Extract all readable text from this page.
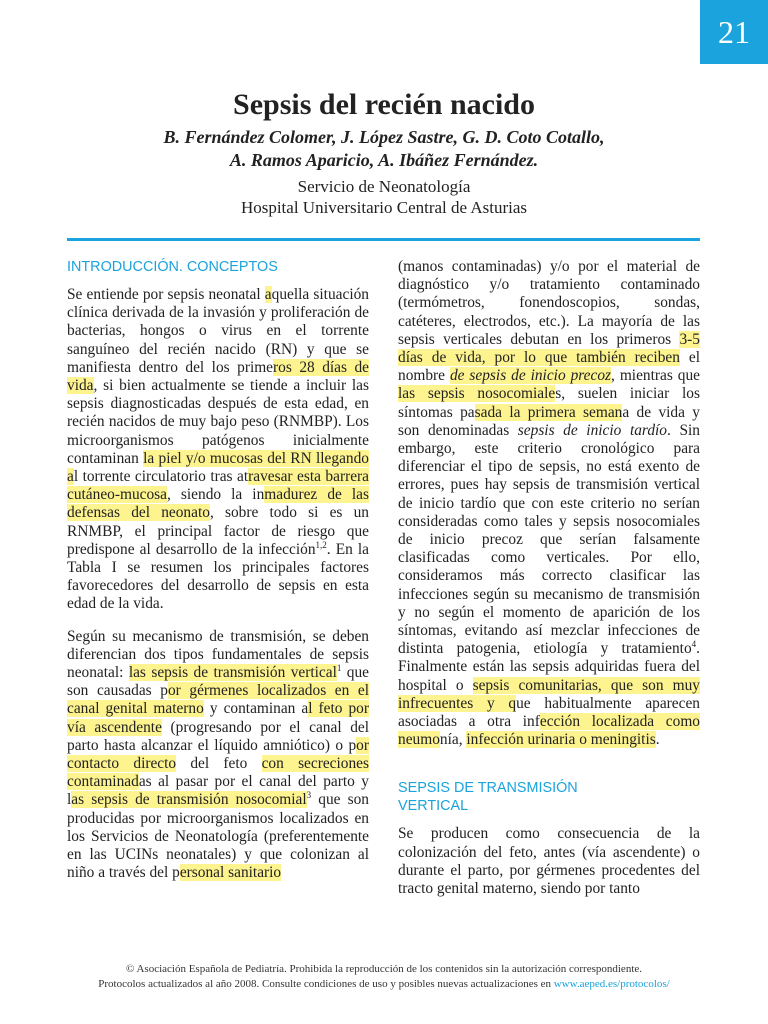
21
Sepsis del recién nacido
B. Fernández Colomer, J. López Sastre, G. D. Coto Cotallo,
A. Ramos Aparicio, A. Ibáñez Fernández.
Servicio de Neonatología
Hospital Universitario Central de Asturias
INTRODUCCIÓN. CONCEPTOS

Se entiende por sepsis neonatal aquella situación clínica derivada de la invasión y proliferación de bacterias, hongos o virus en el torrente sanguíneo del recién nacido (RN) y que se manifiesta dentro del los primeros 28 días de vida, si bien actualmente se tiende a incluir las sepsis diagnosticadas después de esta edad, en recién nacidos de muy bajo peso (RNMBP). Los microorganismos patógenos inicialmente contaminan la piel y/o mucosas del RN llegando al torrente circulatorio tras atravesar esta barrera cutáneo-mucosa, siendo la inmadurez de las defensas del neonato, sobre todo si es un RNMBP, el principal factor de riesgo que predispone al desarrollo de la infección$^{1,2}$. En la Tabla I se resumen los principales factores favorecedores del desarrollo de sepsis en esta edad de la vida.

Según su mecanismo de transmisión, se deben diferencian dos tipos fundamentales de sepsis neonatal: las sepsis de transmisión vertical$^1$ que son causadas por gérmenes localizados en el canal genital materno y contaminan al feto por vía ascendente (progresando por el canal del parto hasta alcanzar el líquido amniótico) o por contacto directo del feto con secreciones contaminadas al pasar por el canal del parto y las sepsis de transmisión nosocomial$^3$ que son producidas por microorganismos localizados en los Servicios de Neonatología (preferentemente en las UCINs neonatales) y que colonizan al niño a través del personal sanitario

(manos contaminadas) y/o por el material de diagnóstico y/o tratamiento contaminado (termómetros, fonendoscopios, sondas, catéteres, electrodos, etc.). La mayoría de las sepsis verticales debutan en los primeros 3-5 días de vida, por lo que también reciben el nombre de sepsis de inicio precoz, mientras que las sepsis nosocomiales, suelen iniciar los síntomas pasada la primera semana de vida y son denominadas sepsis de inicio tardío. Sin embargo, este criterio cronológico para diferenciar el tipo de sepsis, no está exento de errores, pues hay sepsis de transmisión vertical de inicio tardío que con este criterio no serían consideradas como tales y sepsis nosocomiales de inicio precoz que serían falsamente clasificadas como verticales. Por ello, consideramos más correcto clasificar las infecciones según su mecanismo de transmisión y no según el momento de aparición de los síntomas, evitando así mezclar infecciones de distinta patogenia, etiología y tratamiento$^4$. Finalmente están las sepsis adquiridas fuera del hospital o sepsis comunitarias, que son muy infrecuentes y que habitualmente aparecen asociadas a otra infección localizada como neumonía, infección urinaria o meningitis.

SEPSIS DE TRANSMISIÓN VERTICAL

Se producen como consecuencia de la colonización del feto, antes (vía ascendente) o durante el parto, por gérmenes procedentes del tracto genital materno, siendo por tanto

© Asociación Española de Pediatría. Prohibida la reproducción de los contenidos sin la autorización correspondiente.
Protocolos actualizados al año 2008. Consulte condiciones de uso y posibles nuevas actualizaciones en www.aeped.es/protocolos/
